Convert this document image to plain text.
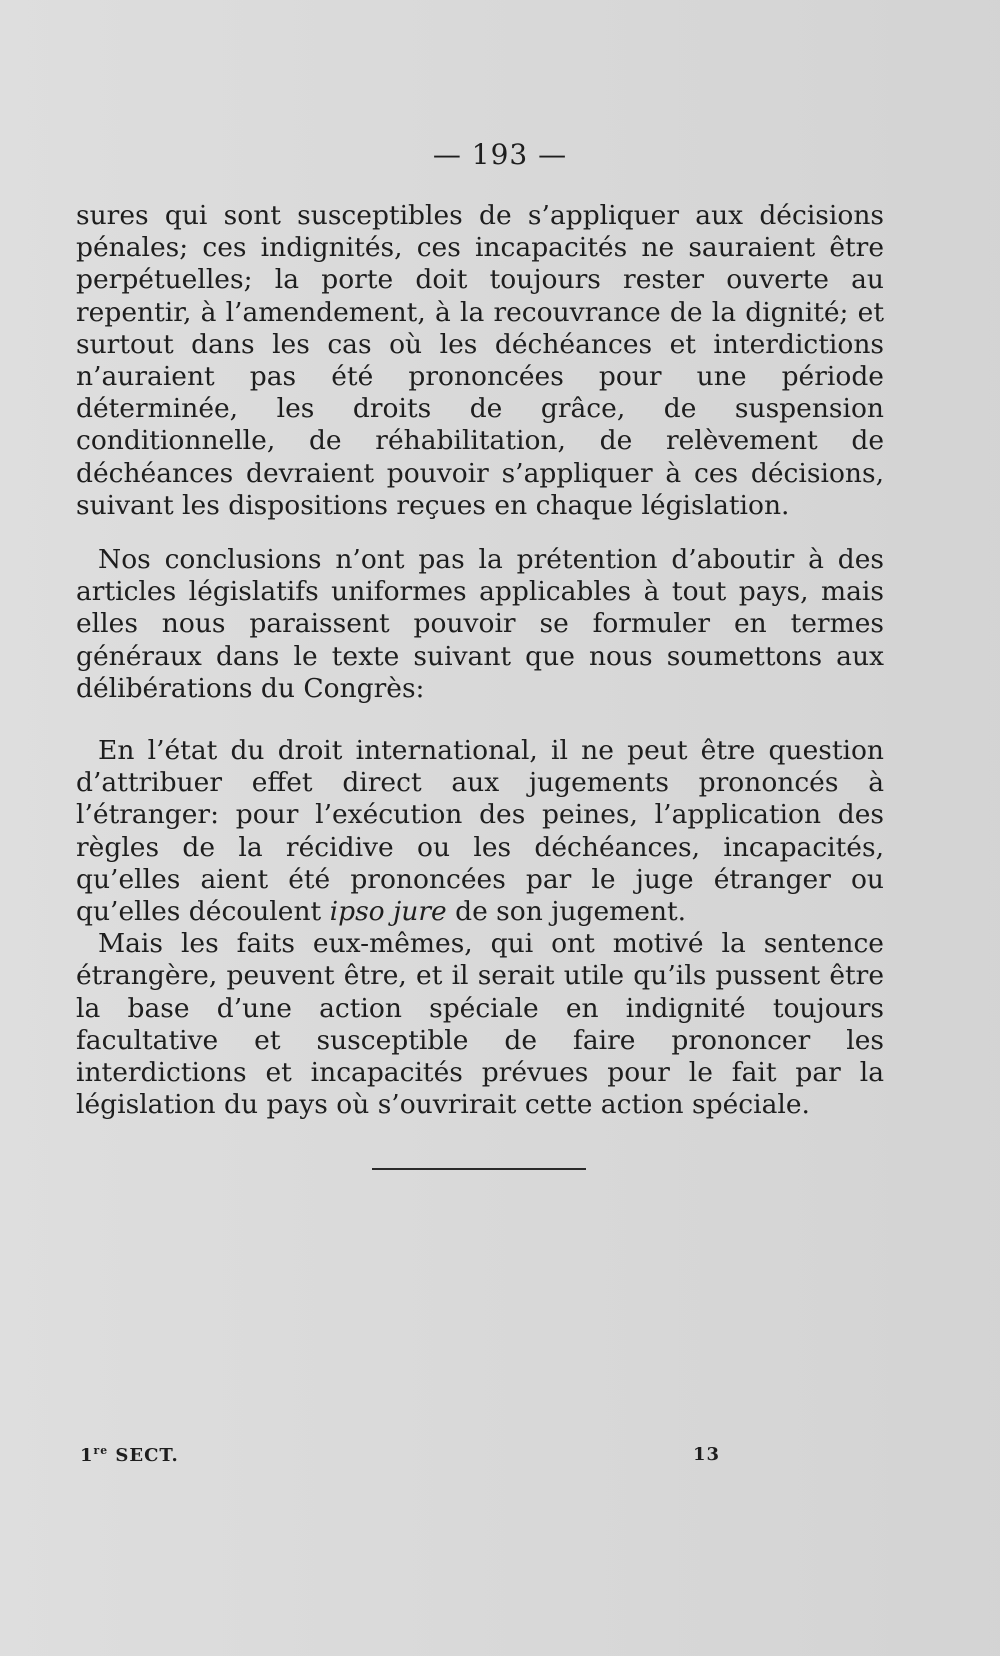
— 193 —

sures qui sont susceptibles de s’appliquer aux décisions pénales; ces indignités, ces incapacités ne sauraient être perpétuelles; la porte doit toujours rester ouverte au repentir, à l’amendement, à la recouvrance de la dignité; et surtout dans les cas où les déchéances et interdictions n’auraient pas été prononcées pour une période déterminée, les droits de grâce, de suspension conditionnelle, de réhabilitation, de relèvement de déchéances devraient pouvoir s’appliquer à ces décisions, suivant les dispositions reçues en chaque législation.

Nos conclusions n’ont pas la prétention d’aboutir à des articles législatifs uniformes applicables à tout pays, mais elles nous paraissent pouvoir se formuler en termes généraux dans le texte suivant que nous soumettons aux délibérations du Congrès:

En l’état du droit international, il ne peut être question d’attribuer effet direct aux jugements prononcés à l’étranger: pour l’exécution des peines, l’application des règles de la récidive ou les déchéances, incapacités, qu’elles aient été prononcées par le juge étranger ou qu’elles découlent ipso jure de son jugement.

Mais les faits eux-mêmes, qui ont motivé la sentence étrangère, peuvent être, et il serait utile qu’ils pussent être la base d’une action spéciale en indignité toujours facultative et susceptible de faire prononcer les interdictions et incapacités prévues pour le fait par la législation du pays où s’ouvrirait cette action spéciale.

1re SECT.	13
